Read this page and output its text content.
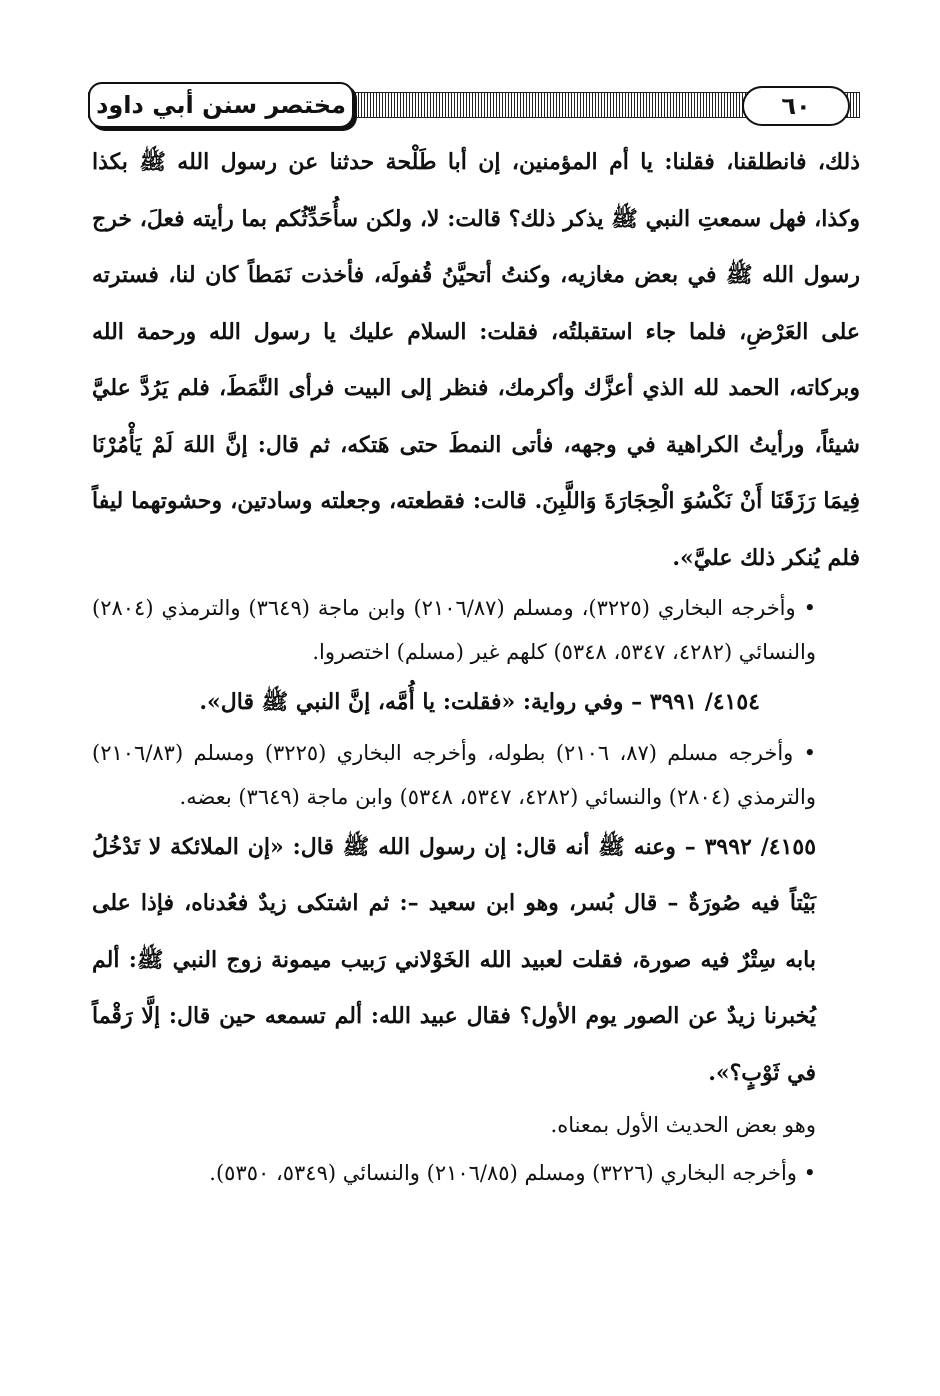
مختصر سنن أبي داود	٦٠

ذلك، فانطلقنا، فقلنا: يا أم المؤمنين، إن أبا طَلْحة حدثنا عن رسول الله ﷺ بكذا وكذا، فهل سمعتِ النبي ﷺ يذكر ذلك؟ قالت: لا، ولكن سأُحَدِّثُكم بما رأيته فعلَ، خرج رسول الله ﷺ في بعض مغازيه، وكنتُ أتحيَّنُ قُفولَه، فأخذت نَمَطاً كان لنا، فسترته على العَرْضِ، فلما جاء استقبلتُه، فقلت: السلام عليك يا رسول الله ورحمة الله وبركاته، الحمد لله الذي أعزَّك وأكرمك، فنظر إلى البيت فرأى النَّمَطَ، فلم يَرُدَّ عليَّ شيئاً، ورأيتُ الكراهية في وجهه، فأتى النمطَ حتى هَتكه، ثم قال: إنَّ اللهَ لَمْ يَأْمُرْنَا فِيمَا رَزَقَنَا أَنْ نَكْسُوَ الْحِجَارَةَ وَاللَّبِنَ. قالت: فقطعته، وجعلته وسادتين، وحشوتهما ليفاً فلم يُنكر ذلك عليَّ».

• وأخرجه البخاري (٣٢٢٥)، ومسلم (٢١٠٦/٨٧) وابن ماجة (٣٦٤٩) والترمذي (٢٨٠٤) والنسائي (٤٢٨٢، ٥٣٤٧، ٥٣٤٨) كلهم غير (مسلم) اختصروا.

٤١٥٤/ ٣٩٩١ – وفي رواية: «فقلت: يا أُمَّه، إنَّ النبي ﷺ قال».

• وأخرجه مسلم (٨٧، ٢١٠٦) بطوله، وأخرجه البخاري (٣٢٢٥) ومسلم (٢١٠٦/٨٣) والترمذي (٢٨٠٤) والنسائي (٤٢٨٢، ٥٣٤٧، ٥٣٤٨) وابن ماجة (٣٦٤٩) بعضه.

٤١٥٥/ ٣٩٩٢ – وعنه ﷺ أنه قال: إن رسول الله ﷺ قال: «إن الملائكة لا تَدْخُلُ بَيْتاً فيه صُورَةٌ – قال بُسر، وهو ابن سعيد –: ثم اشتكى زيدٌ فعُدناه، فإذا على بابه سِتْرٌ فيه صورة، فقلت لعبيد الله الخَوْلاني رَبيب ميمونة زوج النبي ﷺ: ألم يُخبرنا زيدٌ عن الصور يوم الأول؟ فقال عبيد الله: ألم تسمعه حين قال: إلَّا رَقْماً في ثَوْبٍ؟».

وهو بعض الحديث الأول بمعناه.

• وأخرجه البخاري (٣٢٢٦) ومسلم (٢١٠٦/٨٥) والنسائي (٥٣٤٩، ٥٣٥٠).
